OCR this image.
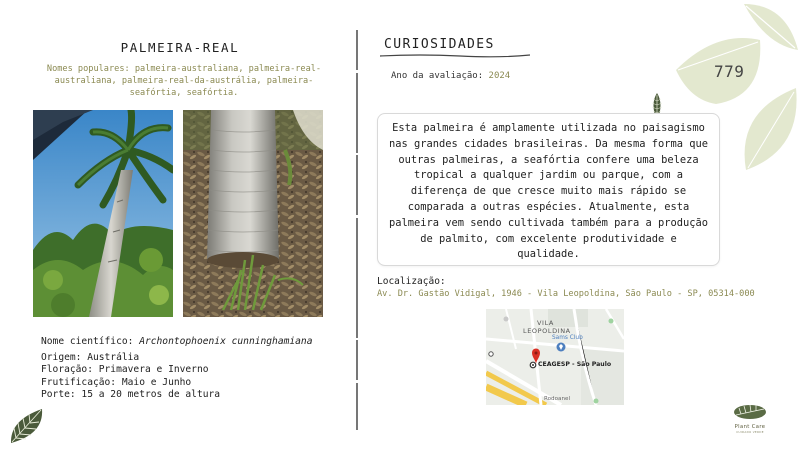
PALMEIRA-REAL
Nomes populares: palmeira-australiana, palmeira-real-australiana, palmeira-real-da-austrália, palmeira-seafórtia, seafórtia.
Nome científico: Archontophoenix cunninghamiana
Origem: Austrália
Floração: Primavera e Inverno
Frutificação: Maio e Junho
Porte: 15 a 20 metros de altura
CURIOSIDADES
Ano da avaliação: 2024
Esta palmeira é amplamente utilizada no paisagismo nas grandes cidades brasileiras. Da mesma forma que outras palmeiras, a seafórtia confere uma beleza tropical a qualquer jardim ou parque, com a diferença de que cresce muito mais rápido se comparada a outras espécies. Atualmente, esta palmeira vem sendo cultivada também para a produção de palmito, com excelente produtividade e qualidade.
Localização:
Av. Dr. Gastão Vidigal, 1946 - Vila Leopoldina, São Paulo - SP, 05314-000
VILA
LEOPOLDINA
Sams Club
CEAGESP - São Paulo
Rodoanel
779
Plant Care
CUIDADO VERDE
